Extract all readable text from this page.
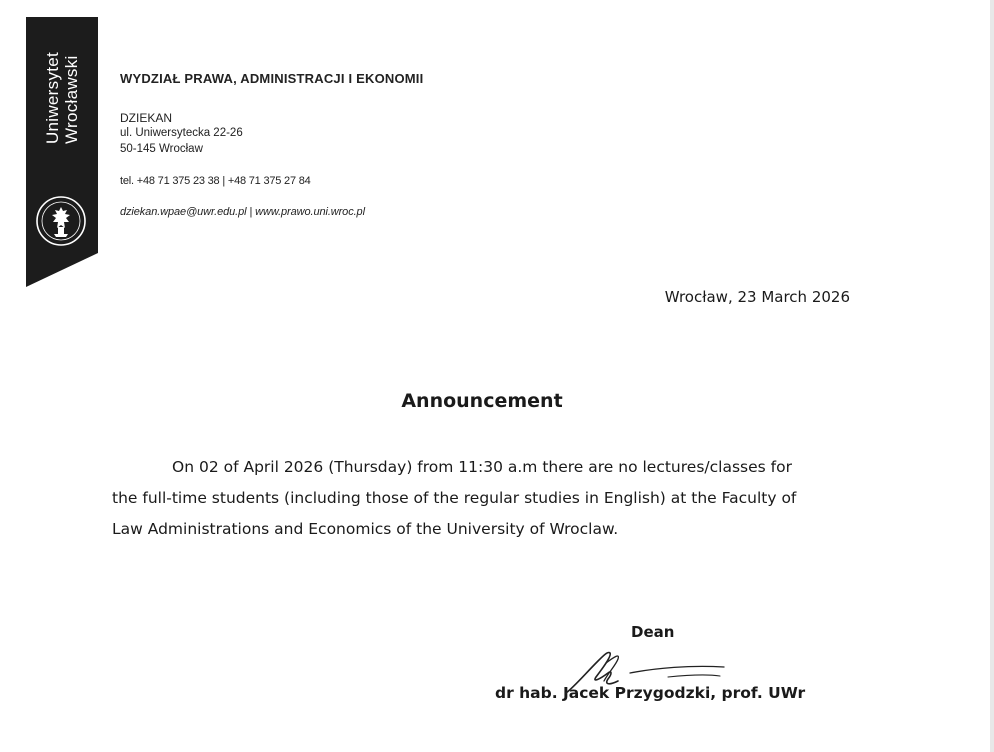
Uniwersytet Wrocławski	WYDZIAŁ PRAWA, ADMINISTRACJI I EKONOMII
DZIEKAN
ul. Uniwersytecka 22-26
50-145 Wrocław
tel. +48 71 375 23 38 | +48 71 375 27 84
dziekan.wpae@uwr.edu.pl | www.prawo.uni.wroc.pl
Wrocław, 23 March 2026
Announcement
On 02 of April 2026 (Thursday) from 11:30 a.m there are no lectures/classes for
the full-time students (including those of the regular studies in English) at the Faculty of
Law Administrations and Economics of the University of Wroclaw.
Dean
dr hab. Jacek Przygodzki, prof. UWr
